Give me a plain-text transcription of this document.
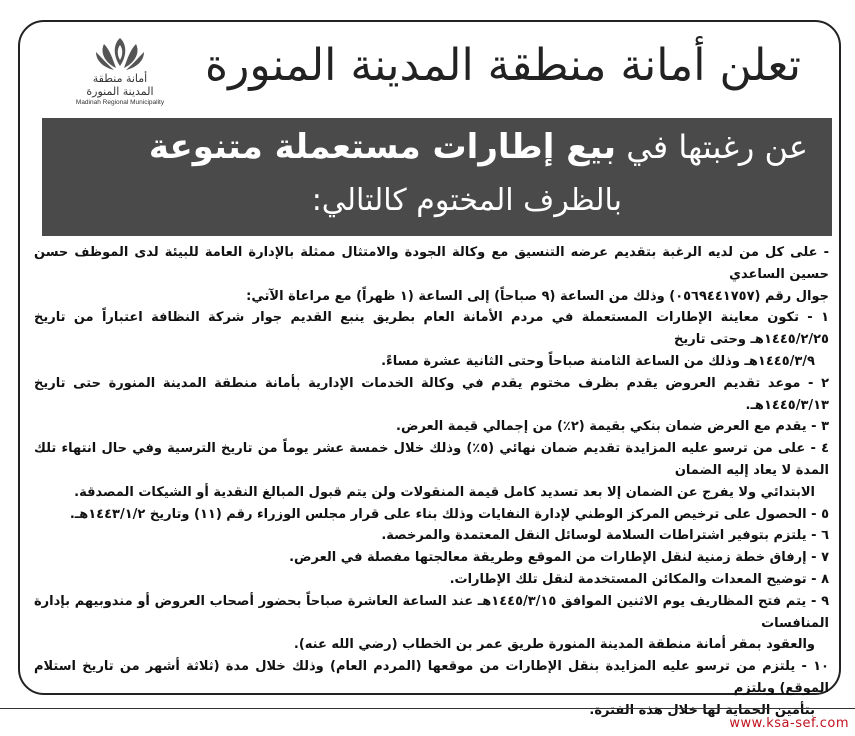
تعلن أمانة منطقة المدينة المنورة
أمانة منطقة
المدينة المنورة
Madinah Regional Municipality
عن رغبتها في بيع إطارات مستعملة متنوعة
بالظرف المختوم كالتالي:

- على كل من لديه الرغبة بتقديم عرضه التنسيق مع وكالة الجودة والامتثال ممثلة بالإدارة العامة للبيئة لدى الموظف حسن حسين الساعدي
جوال رقم (٠٥٦٩٤٤١٧٥٧) وذلك من الساعة (٩ صباحاً) إلى الساعة (١ ظهراً) مع مراعاة الآتي:

١ - تكون معاينة الإطارات المستعملة في مردم الأمانة العام بطريق ينبع القديم جوار شركة النظافة اعتباراً من تاريخ ١٤٤٥/٢/٢٥هـ وحتى تاريخ
١٤٤٥/٣/٩هـ وذلك من الساعة الثامنة صباحاً وحتى الثانية عشرة مساءً.

٢ - موعد تقديم العروض يقدم بظرف مختوم يقدم في وكالة الخدمات الإدارية بأمانة منطقة المدينة المنورة حتى تاريخ ١٤٤٥/٣/١٣هـ.

٣ - يقدم مع العرض ضمان بنكي بقيمة (٢٪) من إجمالي قيمة العرض.

٤ - على من ترسو عليه المزايدة تقديم ضمان نهائي (٥٪) وذلك خلال خمسة عشر يوماً من تاريخ الترسية وفي حال انتهاء تلك المدة لا يعاد إليه الضمان
الابتدائي ولا يفرج عن الضمان إلا بعد تسديد كامل قيمة المنقولات ولن يتم قبول المبالغ النقدية أو الشيكات المصدقة.

٥ - الحصول على ترخيص المركز الوطني لإدارة النفايات وذلك بناء على قرار مجلس الوزراء رقم (١١) وتاريخ ١٤٤٣/١/٢هـ.

٦ - يلتزم بتوفير اشتراطات السلامة لوسائل النقل المعتمدة والمرخصة.

٧ - إرفاق خطة زمنية لنقل الإطارات من الموقع وطريقة معالجتها مفصلة في العرض.

٨ - توضيح المعدات والمكائن المستخدمة لنقل تلك الإطارات.

٩ - يتم فتح المظاريف يوم الاثنين الموافق ١٤٤٥/٣/١٥هـ عند الساعة العاشرة صباحاً بحضور أصحاب العروض أو مندوبيهم بإدارة المنافسات
والعقود بمقر أمانة منطقة المدينة المنورة طريق عمر بن الخطاب (رضي الله عنه).

١٠ - يلتزم من ترسو عليه المزايدة بنقل الإطارات من موقعها (المردم العام) وذلك خلال مدة (ثلاثة أشهر من تاريخ استلام الموقع) ويلتزم
بتأمين الحماية لها خلال هذه الفترة.

www.ksa-sef.com
